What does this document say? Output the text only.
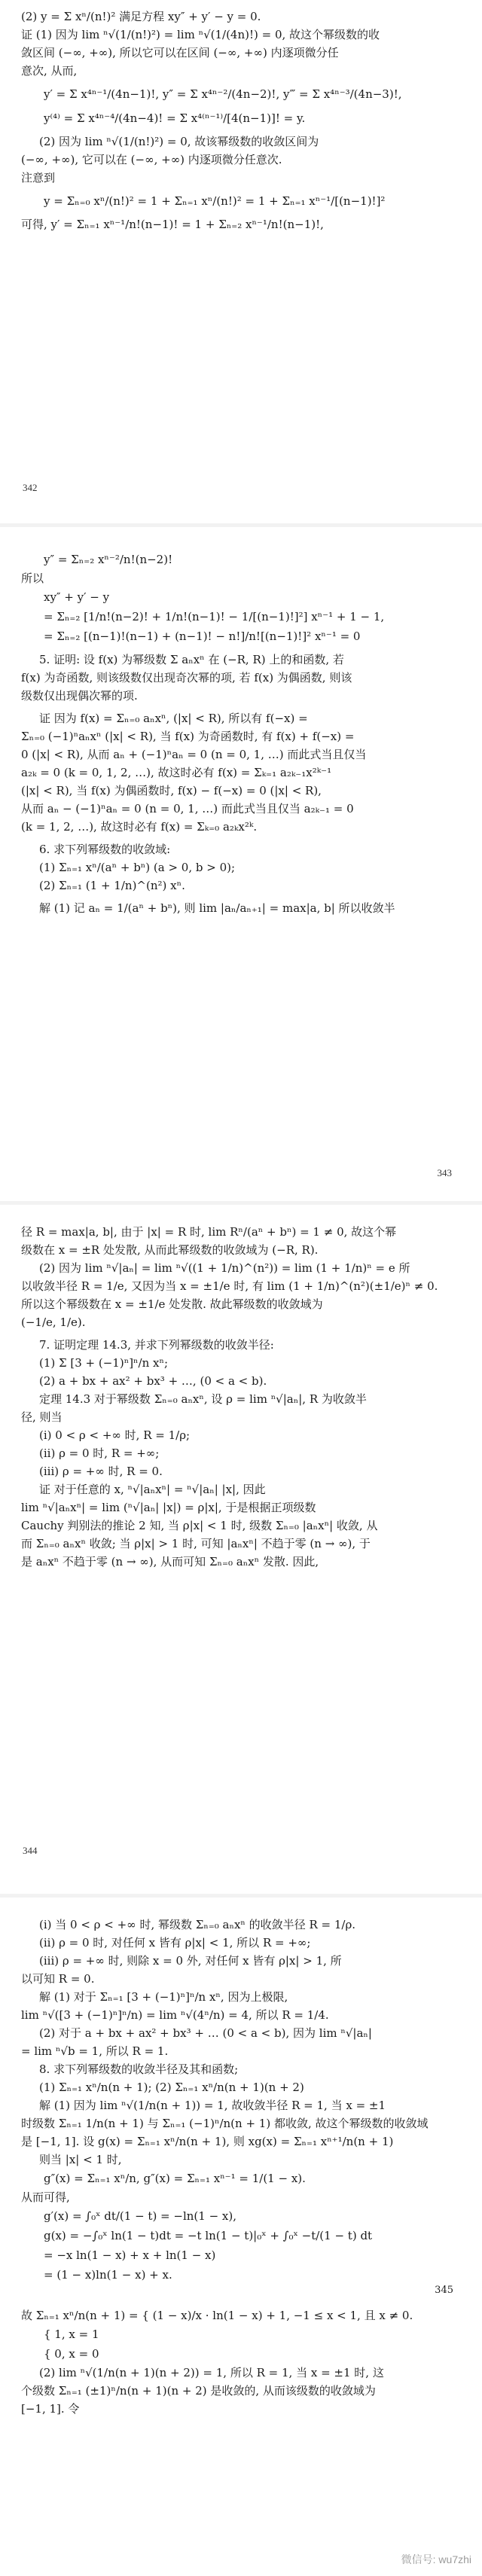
(2) y = Σ xⁿ/(n!)² 满足方程 xy″ + y′ − y = 0.
证 (1) 因为 lim ⁿ√(1/(n!)²) = lim ⁿ√(1/(4n)!) = 0, 故这个幂级数的收
敛区间 (−∞, +∞), 所以它可以在区间 (−∞, +∞) 内逐项微分任
意次, 从而,
y′ = Σ x⁴ⁿ⁻¹/(4n−1)!, y″ = Σ x⁴ⁿ⁻²/(4n−2)!, y‴ = Σ x⁴ⁿ⁻³/(4n−3)!,
y⁽⁴⁾ = Σ x⁴ⁿ⁻⁴/(4n−4)! = Σ x⁴⁽ⁿ⁻¹⁾/[4(n−1)]! = y.
(2) 因为 lim ⁿ√(1/(n!)²) = 0, 故该幂级数的收敛区间为
(−∞, +∞), 它可以在 (−∞, +∞) 内逐项微分任意次.
注意到
y = Σₙ₌₀ xⁿ/(n!)² = 1 + Σₙ₌₁ xⁿ/(n!)² = 1 + Σₙ₌₁ xⁿ⁻¹/[(n−1)!]²
可得, y′ = Σₙ₌₁ xⁿ⁻¹/n!(n−1)! = 1 + Σₙ₌₂ xⁿ⁻¹/n!(n−1)!,
342
y″ = Σₙ₌₂ xⁿ⁻²/n!(n−2)!
所以
xy″ + y′ − y
= Σₙ₌₂ [1/n!(n−2)! + 1/n!(n−1)! − 1/[(n−1)!]²] xⁿ⁻¹ + 1 − 1,
= Σₙ₌₂ [(n−1)!(n−1) + (n−1)! − n!]/n![(n−1)!]² xⁿ⁻¹ = 0
5. 证明: 设 f(x) 为幂级数 Σ aₙxⁿ 在 (−R, R) 上的和函数, 若
f(x) 为奇函数, 则该级数仅出现奇次幂的项, 若 f(x) 为偶函数, 则该
级数仅出现偶次幂的项.
证 因为 f(x) = Σₙ₌₀ aₙxⁿ, (|x| < R), 所以有 f(−x) =
Σₙ₌₀ (−1)ⁿaₙxⁿ (|x| < R), 当 f(x) 为奇函数时, 有 f(x) + f(−x) =
0 (|x| < R), 从而 aₙ + (−1)ⁿaₙ = 0 (n = 0, 1, …) 而此式当且仅当
a₂ₖ = 0 (k = 0, 1, 2, …), 故这时必有 f(x) = Σₖ₌₁ a₂ₖ₋₁x²ᵏ⁻¹
(|x| < R), 当 f(x) 为偶函数时, f(x) − f(−x) = 0 (|x| < R),
从而 aₙ − (−1)ⁿaₙ = 0 (n = 0, 1, …) 而此式当且仅当 a₂ₖ₋₁ = 0
(k = 1, 2, …), 故这时必有 f(x) = Σₖ₌₀ a₂ₖx²ᵏ.
6. 求下列幂级数的收敛域:
(1) Σₙ₌₁ xⁿ/(aⁿ + bⁿ) (a > 0, b > 0);
(2) Σₙ₌₁ (1 + 1/n)^(n²) xⁿ.
解 (1) 记 aₙ = 1/(aⁿ + bⁿ), 则 lim |aₙ/aₙ₊₁| = max|a, b| 所以收敛半
343
径 R = max|a, b|, 由于 |x| = R 时, lim Rⁿ/(aⁿ + bⁿ) = 1 ≠ 0, 故这个幂
级数在 x = ±R 处发散, 从而此幂级数的收敛域为 (−R, R).
(2) 因为 lim ⁿ√|aₙ| = lim ⁿ√((1 + 1/n)^(n²)) = lim (1 + 1/n)ⁿ = e 所
以收敛半径 R = 1/e, 又因为当 x = ±1/e 时, 有 lim (1 + 1/n)^(n²)(±1/e)ⁿ ≠ 0.
所以这个幂级数在 x = ±1/e 处发散. 故此幂级数的收敛域为
(−1/e, 1/e).
7. 证明定理 14.3, 并求下列幂级数的收敛半径:
(1) Σ [3 + (−1)ⁿ]ⁿ/n xⁿ;
(2) a + bx + ax² + bx³ + …, (0 < a < b).
定理 14.3 对于幂级数 Σₙ₌₀ aₙxⁿ, 设 ρ = lim ⁿ√|aₙ|, R 为收敛半
径, 则当
(i) 0 < ρ < +∞ 时, R = 1/ρ;
(ii) ρ = 0 时, R = +∞;
(iii) ρ = +∞ 时, R = 0.
证 对于任意的 x, ⁿ√|aₙxⁿ| = ⁿ√|aₙ| |x|, 因此
lim ⁿ√|aₙxⁿ| = lim (ⁿ√|aₙ| |x|) = ρ|x|, 于是根据正项级数
Cauchy 判别法的推论 2 知, 当 ρ|x| < 1 时, 级数 Σₙ₌₀ |aₙxⁿ| 收敛, 从
而 Σₙ₌₀ aₙxⁿ 收敛; 当 ρ|x| > 1 时, 可知 |aₙxⁿ| 不趋于零 (n → ∞), 于
是 aₙxⁿ 不趋于零 (n → ∞), 从而可知 Σₙ₌₀ aₙxⁿ 发散. 因此,
344
(i) 当 0 < ρ < +∞ 时, 幂级数 Σₙ₌₀ aₙxⁿ 的收敛半径 R = 1/ρ.
(ii) ρ = 0 时, 对任何 x 皆有 ρ|x| < 1, 所以 R = +∞;
(iii) ρ = +∞ 时, 则除 x = 0 外, 对任何 x 皆有 ρ|x| > 1, 所
以可知 R = 0.
解 (1) 对于 Σₙ₌₁ [3 + (−1)ⁿ]ⁿ/n xⁿ, 因为上极限,
lim ⁿ√([3 + (−1)ⁿ]ⁿ/n) = lim ⁿ√(4ⁿ/n) = 4, 所以 R = 1/4.
(2) 对于 a + bx + ax² + bx³ + … (0 < a < b), 因为 lim ⁿ√|aₙ|
= lim ⁿ√b = 1, 所以 R = 1.
8. 求下列幂级数的收敛半径及其和函数;
(1) Σₙ₌₁ xⁿ/n(n + 1); (2) Σₙ₌₁ xⁿ/n(n + 1)(n + 2)
解 (1) 因为 lim ⁿ√(1/n(n + 1)) = 1, 故收敛半径 R = 1, 当 x = ±1
时级数 Σₙ₌₁ 1/n(n + 1) 与 Σₙ₌₁ (−1)ⁿ/n(n + 1) 都收敛, 故这个幂级数的收敛域
是 [−1, 1]. 设 g(x) = Σₙ₌₁ xⁿ/n(n + 1), 则 xg(x) = Σₙ₌₁ xⁿ⁺¹/n(n + 1)
则当 |x| < 1 时,
g″(x) = Σₙ₌₁ xⁿ/n, g″(x) = Σₙ₌₁ xⁿ⁻¹ = 1/(1 − x).
从而可得,
g′(x) = ∫₀ˣ dt/(1 − t) = −ln(1 − x),
g(x) = −∫₀ˣ ln(1 − t)dt = −t ln(1 − t)|₀ˣ + ∫₀ˣ −t/(1 − t) dt
= −x ln(1 − x) + x + ln(1 − x)
= (1 − x)ln(1 − x) + x.
345
故 Σₙ₌₁ xⁿ/n(n + 1) = { (1 − x)/x · ln(1 − x) + 1, −1 ≤ x < 1, 且 x ≠ 0.
{ 1, x = 1
{ 0, x = 0
(2) lim ⁿ√(1/n(n + 1)(n + 2)) = 1, 所以 R = 1, 当 x = ±1 时, 这
个级数 Σₙ₌₁ (±1)ⁿ/n(n + 1)(n + 2) 是收敛的, 从而该级数的收敛域为
[−1, 1]. 令
微信号: wu7zhi
